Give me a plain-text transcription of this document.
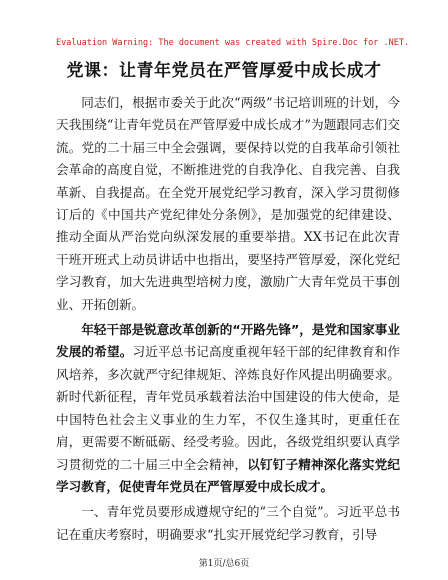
Evaluation Warning: The document was created with Spire.Doc for .NET.
党课：让青年党员在严管厚爱中成长成才

同志们，根据市委关于此次“两级”书记培训班的计划，今天我围绕“让青年党员在严管厚爱中成长成才”为题跟同志们交流。党的二十届三中全会强调，要保持以党的自我革命引领社会革命的高度自觉，不断推进党的自我净化、自我完善、自我革新、自我提高。在全党开展党纪学习教育，深入学习贯彻修订后的《中国共产党纪律处分条例》，是加强党的纪律建设、推动全面从严治党向纵深发展的重要举措。XX书记在此次青干班开班式上动员讲话中也指出，要坚持严管厚爱，深化党纪学习教育，加大先进典型培树力度，激励广大青年党员干事创业、开拓创新。

年轻干部是锐意改革创新的“开路先锋”，是党和国家事业发展的希望。习近平总书记高度重视年轻干部的纪律教育和作风培养，多次就严守纪律规矩、淬炼良好作风提出明确要求。新时代新征程，青年党员承载着法治中国建设的伟大使命，是中国特色社会主义事业的生力军，不仅生逢其时，更重任在肩，更需要不断砥砺、经受考验。因此，各级党组织要认真学习贯彻党的二十届三中全会精神，以钉钉子精神深化落实党纪学习教育，促使青年党员在严管厚爱中成长成才。

一、青年党员要形成遵规守纪的“三个自觉”。习近平总书记在重庆考察时，明确要求“扎实开展党纪学习教育，引导

第1页/总6页
